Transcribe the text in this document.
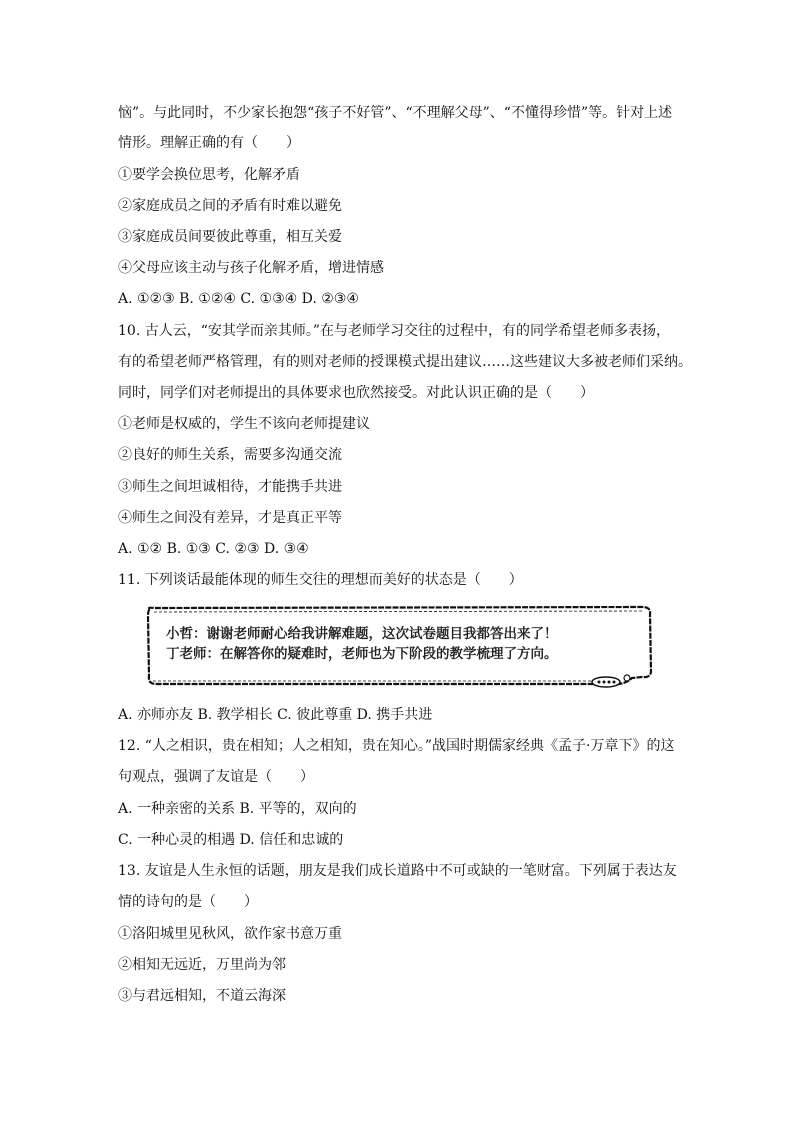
恼”。与此同时，不少家长抱怨“孩子不好管”、“不理解父母”、“不懂得珍惜”等。针对上述
情形。理解正确的有（　　）
①要学会换位思考，化解矛盾
②家庭成员之间的矛盾有时难以避免
③家庭成员间要彼此尊重，相互关爱
④父母应该主动与孩子化解矛盾，增进情感
A. ①②③ B. ①②④ C. ①③④ D. ②③④
10. 古人云，“安其学而亲其师。”在与老师学习交往的过程中，有的同学希望老师多表扬，
有的希望老师严格管理，有的则对老师的授课模式提出建议……这些建议大多被老师们采纳。
同时，同学们对老师提出的具体要求也欣然接受。对此认识正确的是（　　）
①老师是权威的，学生不该向老师提建议
②良好的师生关系，需要多沟通交流
③师生之间坦诚相待，才能携手共进
④师生之间没有差异，才是真正平等
A. ①② B. ①③ C. ②③ D. ③④
11. 下列谈话最能体现的师生交往的理想而美好的状态是（　　）
小哲：谢谢老师耐心给我讲解难题，这次试卷题目我都答出来了！
丁老师：在解答你的疑难时，老师也为下阶段的教学梳理了方向。
A. 亦师亦友 B. 教学相长 C. 彼此尊重 D. 携手共进
12. “人之相识，贵在相知；人之相知，贵在知心。”战国时期儒家经典《孟子·万章下》的这
句观点，强调了友谊是（　　）
A. 一种亲密的关系 B. 平等的，双向的
C. 一种心灵的相遇 D. 信任和忠诚的
13. 友谊是人生永恒的话题，朋友是我们成长道路中不可或缺的一笔财富。下列属于表达友
情的诗句的是（　　）
①洛阳城里见秋风，欲作家书意万重
②相知无远近，万里尚为邻
③与君远相知，不道云海深
